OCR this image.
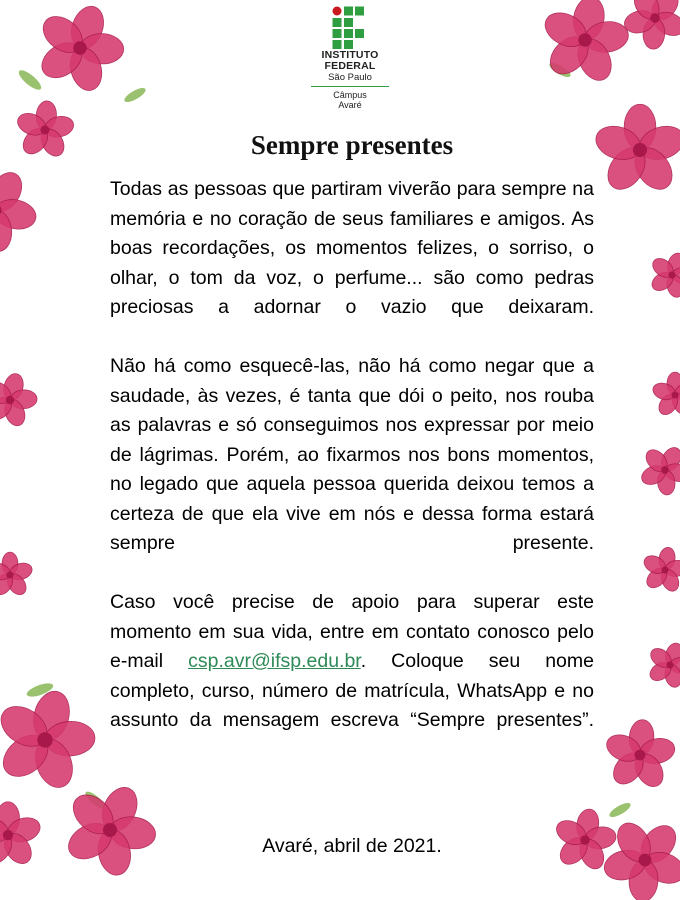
INSTITUTO
FEDERAL
São Paulo
Câmpus
Avaré
Sempre presentes

Todas as pessoas que partiram viverão para sempre na memória e no coração de seus familiares e amigos. As boas recordações, os momentos felizes, o sorriso, o olhar, o tom da voz, o perfume... são como pedras preciosas a adornar o vazio que deixaram.

Não há como esquecê-las, não há como negar que a saudade, às vezes, é tanta que dói o peito, nos rouba as palavras e só conseguimos nos expressar por meio de lágrimas. Porém, ao fixarmos nos bons momentos, no legado que aquela pessoa querida deixou temos a certeza de que ela vive em nós e dessa forma estará sempre presente.

Caso você precise de apoio para superar este momento em sua vida, entre em contato conosco pelo e-mail csp.avr@ifsp.edu.br. Coloque seu nome completo, curso, número de matrícula, WhatsApp e no assunto da mensagem escreva “Sempre presentes”.

Avaré, abril de 2021.
